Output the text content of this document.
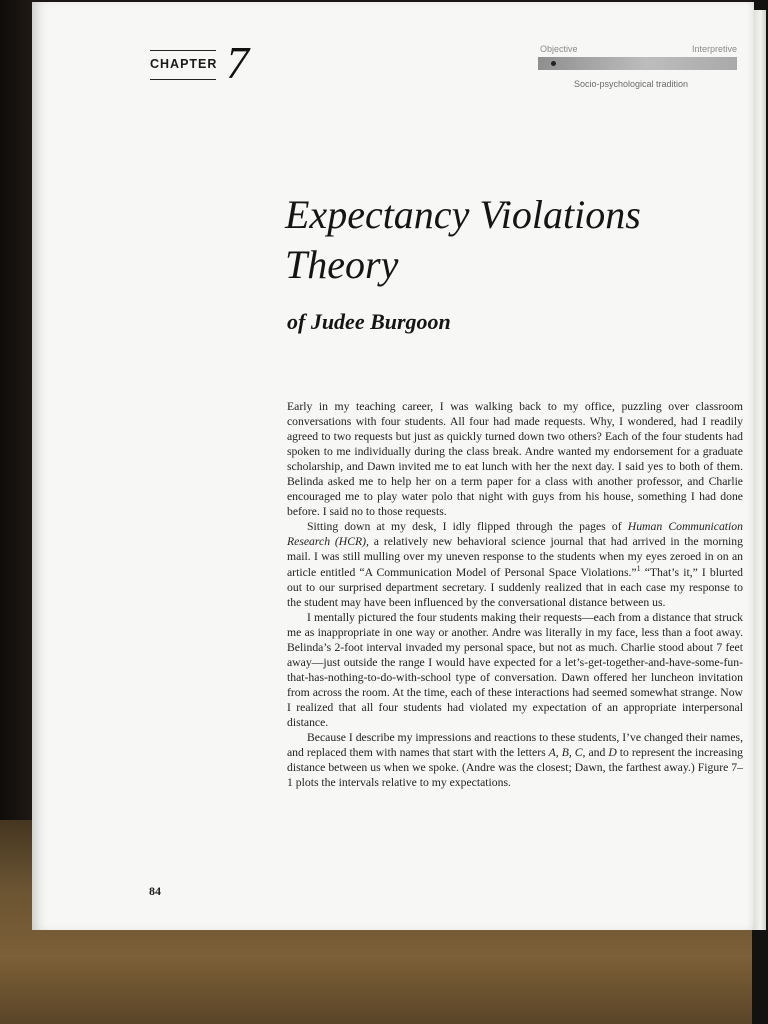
CHAPTER 7	Objective	Interpretive
Socio-psychological tradition
Expectancy Violations Theory
of Judee Burgoon

Early in my teaching career, I was walking back to my office, puzzling over classroom conversations with four students. All four had made requests. Why, I wondered, had I readily agreed to two requests but just as quickly turned down two others? Each of the four students had spoken to me individually during the class break. Andre wanted my endorsement for a graduate scholarship, and Dawn invited me to eat lunch with her the next day. I said yes to both of them. Belinda asked me to help her on a term paper for a class with another professor, and Charlie encouraged me to play water polo that night with guys from his house, something I had done before. I said no to those requests.

Sitting down at my desk, I idly flipped through the pages of Human Communication Research (HCR), a relatively new behavioral science journal that had arrived in the morning mail. I was still mulling over my uneven response to the students when my eyes zeroed in on an article entitled “A Communication Model of Personal Space Violations.”$^1$ “That’s it,” I blurted out to our surprised department secretary. I suddenly realized that in each case my response to the student may have been influenced by the conversational distance between us.

I mentally pictured the four students making their requests—each from a distance that struck me as inappropriate in one way or another. Andre was literally in my face, less than a foot away. Belinda’s 2-foot interval invaded my personal space, but not as much. Charlie stood about 7 feet away—just outside the range I would have expected for a let’s-get-together-and-have-some-fun-that-has-nothing-to-do-with-school type of conversation. Dawn offered her luncheon invitation from across the room. At the time, each of these interactions had seemed somewhat strange. Now I realized that all four students had violated my expectation of an appropriate interpersonal distance.

Because I describe my impressions and reactions to these students, I’ve changed their names, and replaced them with names that start with the letters A, B, C, and D to represent the increasing distance between us when we spoke. (Andre was the closest; Dawn, the farthest away.) Figure 7–1 plots the intervals relative to my expectations.

84
